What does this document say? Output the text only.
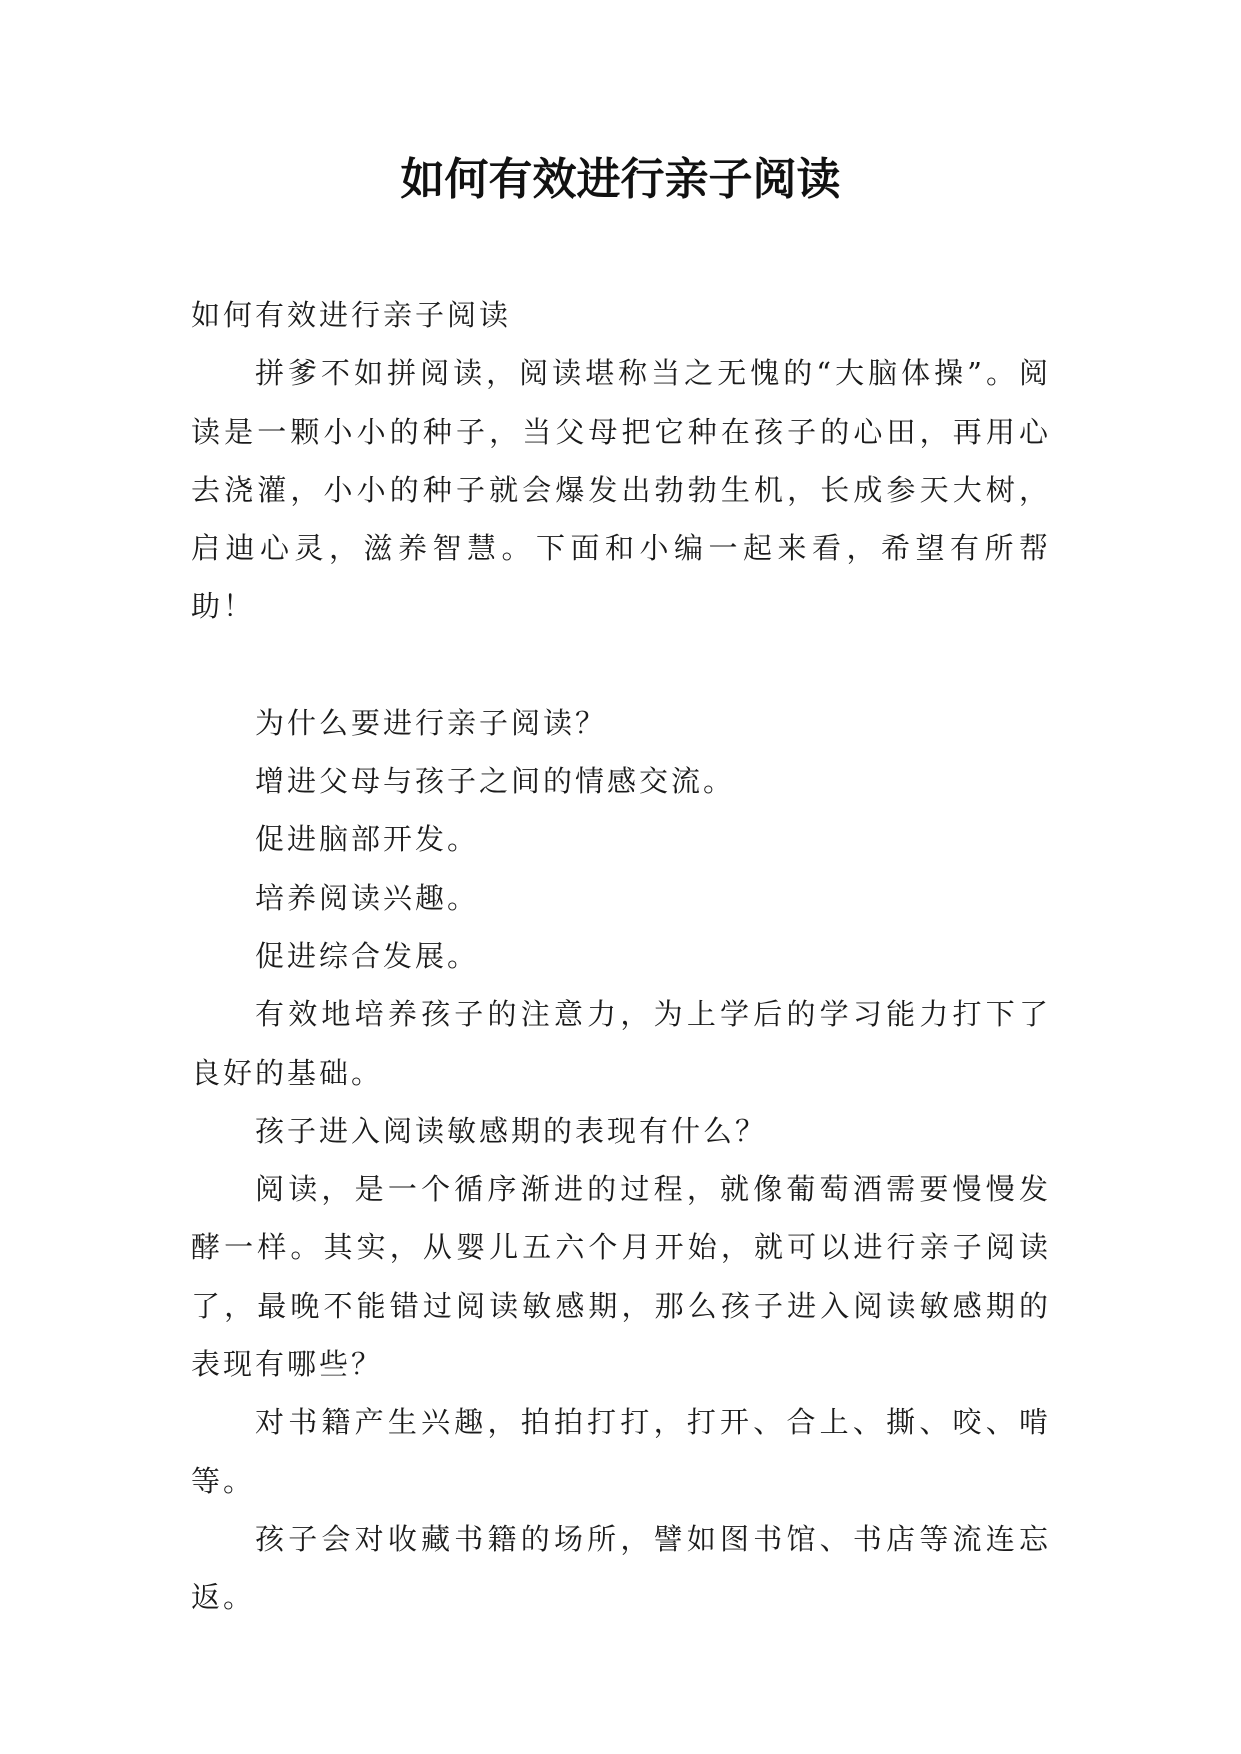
如何有效进行亲子阅读

如何有效进行亲子阅读

拼爹不如拼阅读，阅读堪称当之无愧的“大脑体操”。阅读是一颗小小的种子，当父母把它种在孩子的心田，再用心去浇灌，小小的种子就会爆发出勃勃生机，长成参天大树，启迪心灵，滋养智慧。下面和小编一起来看，希望有所帮助！

为什么要进行亲子阅读？

增进父母与孩子之间的情感交流。

促进脑部开发。

培养阅读兴趣。

促进综合发展。

有效地培养孩子的注意力，为上学后的学习能力打下了良好的基础。

孩子进入阅读敏感期的表现有什么？

阅读，是一个循序渐进的过程，就像葡萄酒需要慢慢发酵一样。其实，从婴儿五六个月开始，就可以进行亲子阅读了，最晚不能错过阅读敏感期，那么孩子进入阅读敏感期的表现有哪些？

对书籍产生兴趣，拍拍打打，打开、合上、撕、咬、啃等。

孩子会对收藏书籍的场所，譬如图书馆、书店等流连忘返。
